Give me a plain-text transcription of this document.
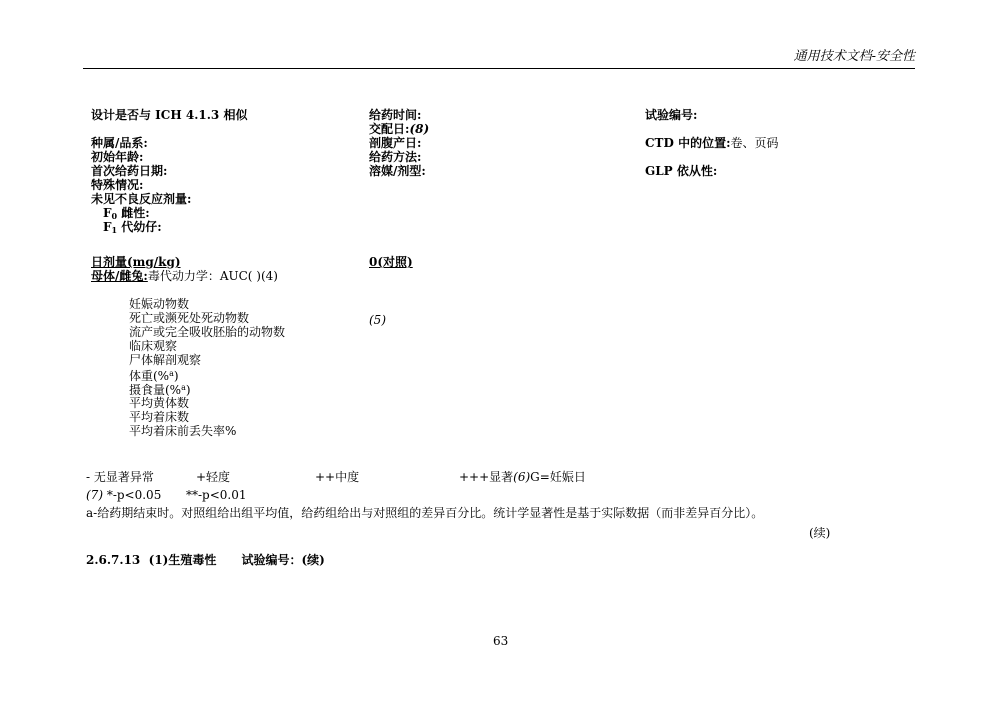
通用技术文档-安全性
设计是否与 ICH 4.1.3 相似
种属/品系:
初始年龄:
首次给药日期:
特殊情况:
未见不良反应剂量:
$F_0$ 雌性:
$F_1$ 代幼仔:
给药时间:
交配日:(8)
剖腹产日:
给药方法:
溶媒/剂型:
试验编号:
CTD 中的位置:卷、页码
GLP 依从性:
日剂量(mg/kg)	0(对照)
母体/雌兔:毒代动力学：AUC( )(4)
妊娠动物数
死亡或濒死处死动物数	(5)
流产或完全吸收胚胎的动物数
临床观察
尸体解剖观察
体重(%$^a$)
摄食量(%$^a$)
平均黄体数
平均着床数
平均着床前丢失率%
- 无显著异常	+轻度	++中度	+++显著(6)G=妊娠日
(7) *-p<0.05 **-p<0.01
a-给药期结束时。对照组给出组平均值，给药组给出与对照组的差异百分比。统计学显著性是基于实际数据（而非差异百分比）。
(续)
2.6.7.13 (1)生殖毒性 试验编号：(续)
63
